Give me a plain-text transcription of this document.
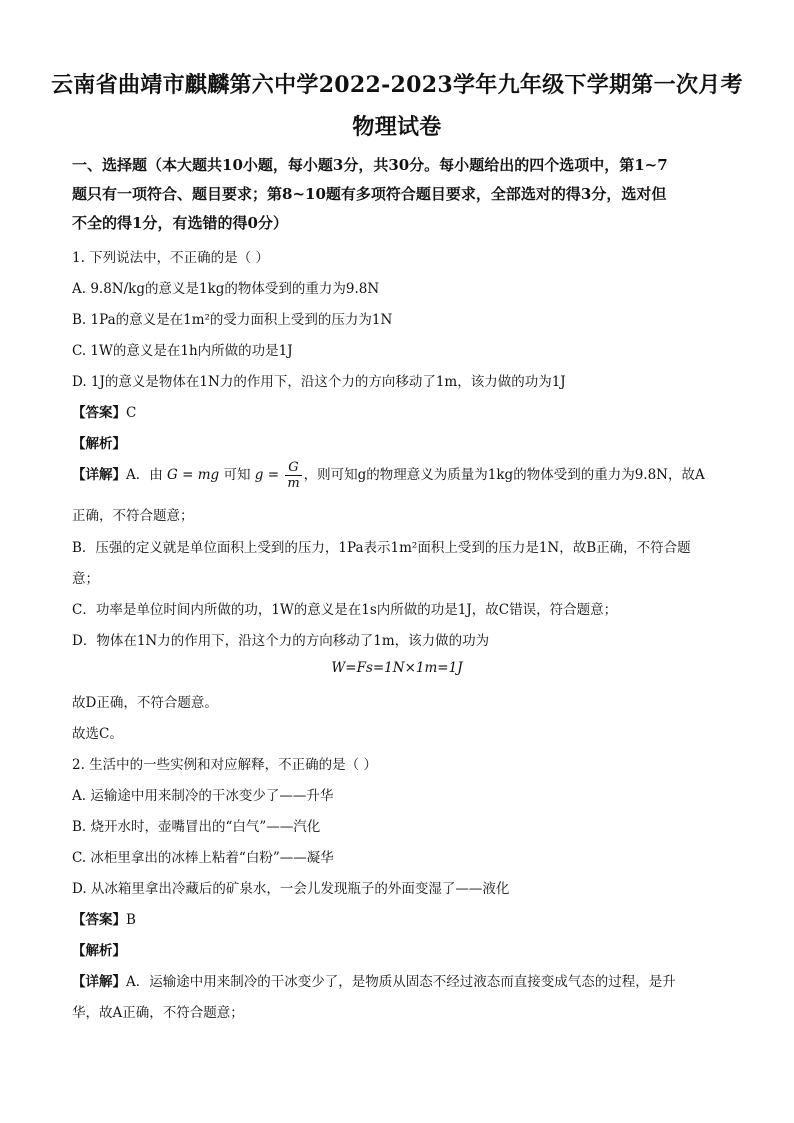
云南省曲靖市麒麟第六中学2022-2023学年九年级下学期第一次月考
物理试卷
一、选择题（本大题共10小题，每小题3分，共30分。每小题给出的四个选项中，第1~7
题只有一项符合、题目要求；第8~10题有多项符合题目要求，全部选对的得3分，选对但
不全的得1分，有选错的得0分）
1. 下列说法中，不正确的是（ ）
A. 9.8N/kg的意义是1kg的物体受到的重力为9.8N
B. 1Pa的意义是在1m²的受力面积上受到的压力为1N
C. 1W的意义是在1h内所做的功是1J
D. 1J的意义是物体在1N力的作用下，沿这个力的方向移动了1m，该力做的功为1J
【答案】C
【解析】
【详解】A．由 G = mg 可知 $g = \frac{G}{m}$ ，则可知g的物理意义为质量为1kg的物体受到的重力为9.8N，故A
正确，不符合题意；
B．压强的定义就是单位面积上受到的压力，1Pa表示1m²面积上受到的压力是1N，故B正确，不符合题
意；
C．功率是单位时间内所做的功，1W的意义是在1s内所做的功是1J，故C错误，符合题意；
D．物体在1N力的作用下，沿这个力的方向移动了1m，该力做的功为
W=Fs=1N×1m=1J
故D正确，不符合题意。
故选C。
2. 生活中的一些实例和对应解释，不正确的是（ ）
A. 运输途中用来制冷的干冰变少了——升华
B. 烧开水时，壶嘴冒出的“白气”——汽化
C. 冰柜里拿出的冰棒上粘着“白粉”——凝华
D. 从冰箱里拿出冷藏后的矿泉水，一会儿发现瓶子的外面变湿了——液化
【答案】B
【解析】
【详解】A．运输途中用来制冷的干冰变少了，是物质从固态不经过液态而直接变成气态的过程，是升
华，故A正确，不符合题意；
